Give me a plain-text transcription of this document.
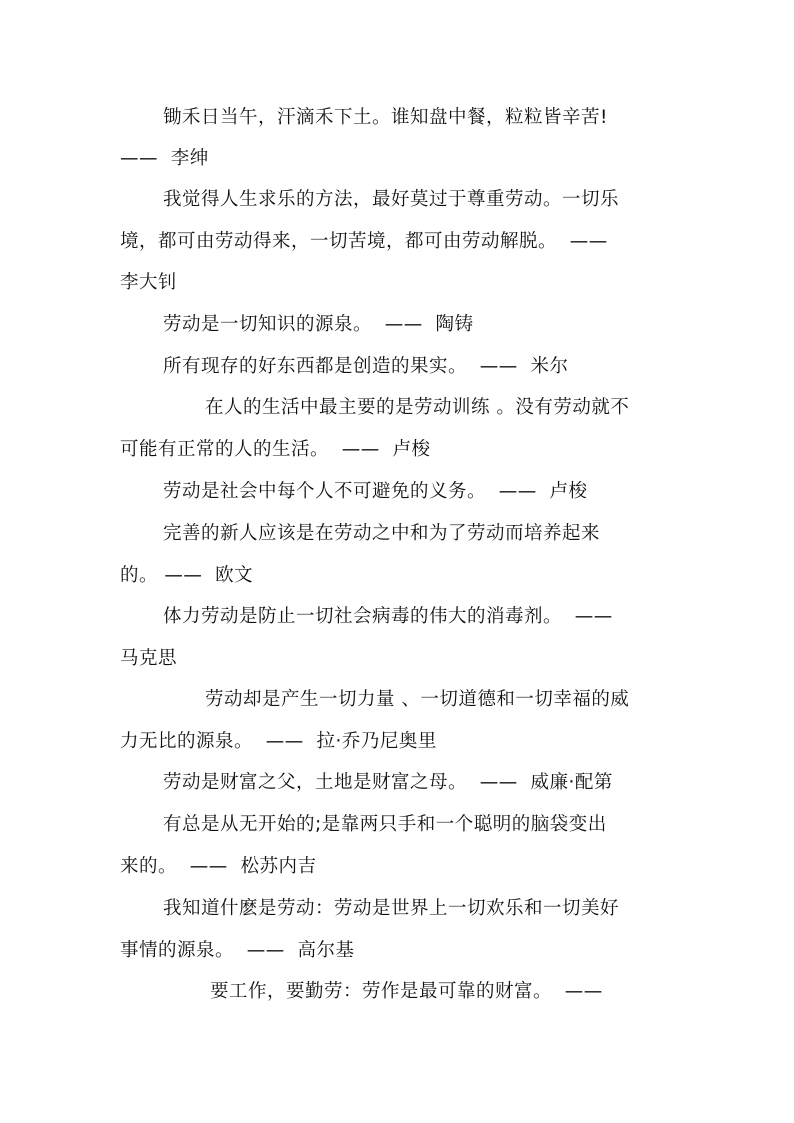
锄禾日当午，汗滴禾下土。谁知盘中餐，粒粒皆辛苦!
——  李绅
我觉得人生求乐的方法，最好莫过于尊重劳动。一切乐
境，都可由劳动得来，一切苦境，都可由劳动解脱。  ——
李大钊
劳动是一切知识的源泉。  ——  陶铸
所有现存的好东西都是创造的果实。  ——  米尔
在人的生活中最主要的是劳动训练 。没有劳动就不
可能有正常的人的生活。  ——  卢梭
劳动是社会中每个人不可避免的义务。  ——  卢梭
完善的新人应该是在劳动之中和为了劳动而培养起来
的。 ——  欧文
体力劳动是防止一切社会病毒的伟大的消毒剂。  ——
马克思
劳动却是产生一切力量 、一切道德和一切幸福的威
力无比的源泉。  ——  拉·乔乃尼奥里
劳动是财富之父，土地是财富之母。  ——  威廉·配第
有总是从无开始的;是靠两只手和一个聪明的脑袋变出
来的。  ——  松苏内吉
我知道什麽是劳动：劳动是世界上一切欢乐和一切美好
事情的源泉。  ——  高尔基
要工作，要勤劳：劳作是最可靠的财富。  ——
